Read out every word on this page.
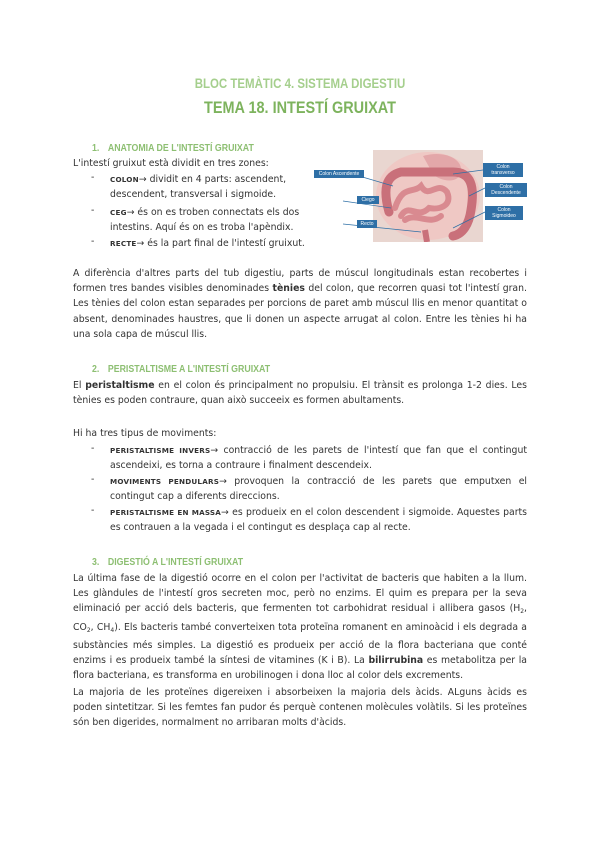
BLOC TEMÀTIC 4. SISTEMA DIGESTIU
TEMA 18. INTESTÍ GRUIXAT
1. ANATOMIA DE L'INTESTÍ GRUIXAT

L'intestí gruixut està dividit en tres zones:

- COLON→ dividit en 4 parts: ascendent,

descendent, transversal i sigmoide.

- CEG→ és on es troben connectats els dos

intestins. Aquí és on es troba l'apèndix.

- RECTE→ és la part final de l'intestí gruixut.

Colon Ascendente
Ciego
Recto
Colon transverso
Colon Descendente
Colon Sigmoideo

A diferència d'altres parts del tub digestiu, parts de múscul longitudinals estan recobertes i formen tres bandes visibles denominades tènies del colon, que recorren quasi tot l'intestí gran. Les tènies del colon estan separades per porcions de paret amb múscul llis en menor quantitat o absent, denominades haustres, que li donen un aspecte arrugat al colon. Entre les tènies hi ha una sola capa de múscul llis.

2. PERISTALTISME A L'INTESTÍ GRUIXAT

El peristaltisme en el colon és principalment no propulsiu. El trànsit es prolonga 1-2 dies. Les tènies es poden contraure, quan això succeeix es formen abultaments.

Hi ha tres tipus de moviments:

- PERISTALTISME INVERS→ contracció de les parets de l'intestí que fan que el contingut ascendeixi, es torna a contraure i finalment descendeix.

- MOVIMENTS PENDULARS→ provoquen la contracció de les parets que emputxen el contingut cap a diferents direccions.

- PERISTALTISME EN MASSA→ es produeix en el colon descendent i sigmoide. Aquestes parts es contrauen a la vegada i el contingut es desplaça cap al recte.

3. DIGESTIÓ A L'INTESTÍ GRUIXAT

La última fase de la digestió ocorre en el colon per l'activitat de bacteris que habiten a la llum. Les glàndules de l'intestí gros secreten moc, però no enzims. El quim es prepara per la seva eliminació per acció dels bacteris, que fermenten tot carbohidrat residual i allibera gasos ($H_2$, $CO_2$, $CH_4$). Els bacteris també converteixen tota proteïna romanent en aminoàcid i els degrada a substàncies més simples. La digestió es produeix per acció de la flora bacteriana que conté enzims i es produeix també la síntesi de vitamines (K i B). La bilirrubina es metabolitza per la flora bacteriana, es transforma en urobilinogen i dona lloc al color dels excrements.

La majoria de les proteïnes digereixen i absorbeixen la majoria dels àcids. ALguns àcids es poden sintetitzar. Si les femtes fan pudor és perquè contenen molècules volàtils. Si les proteïnes són ben digerides, normalment no arribaran molts d'àcids.
